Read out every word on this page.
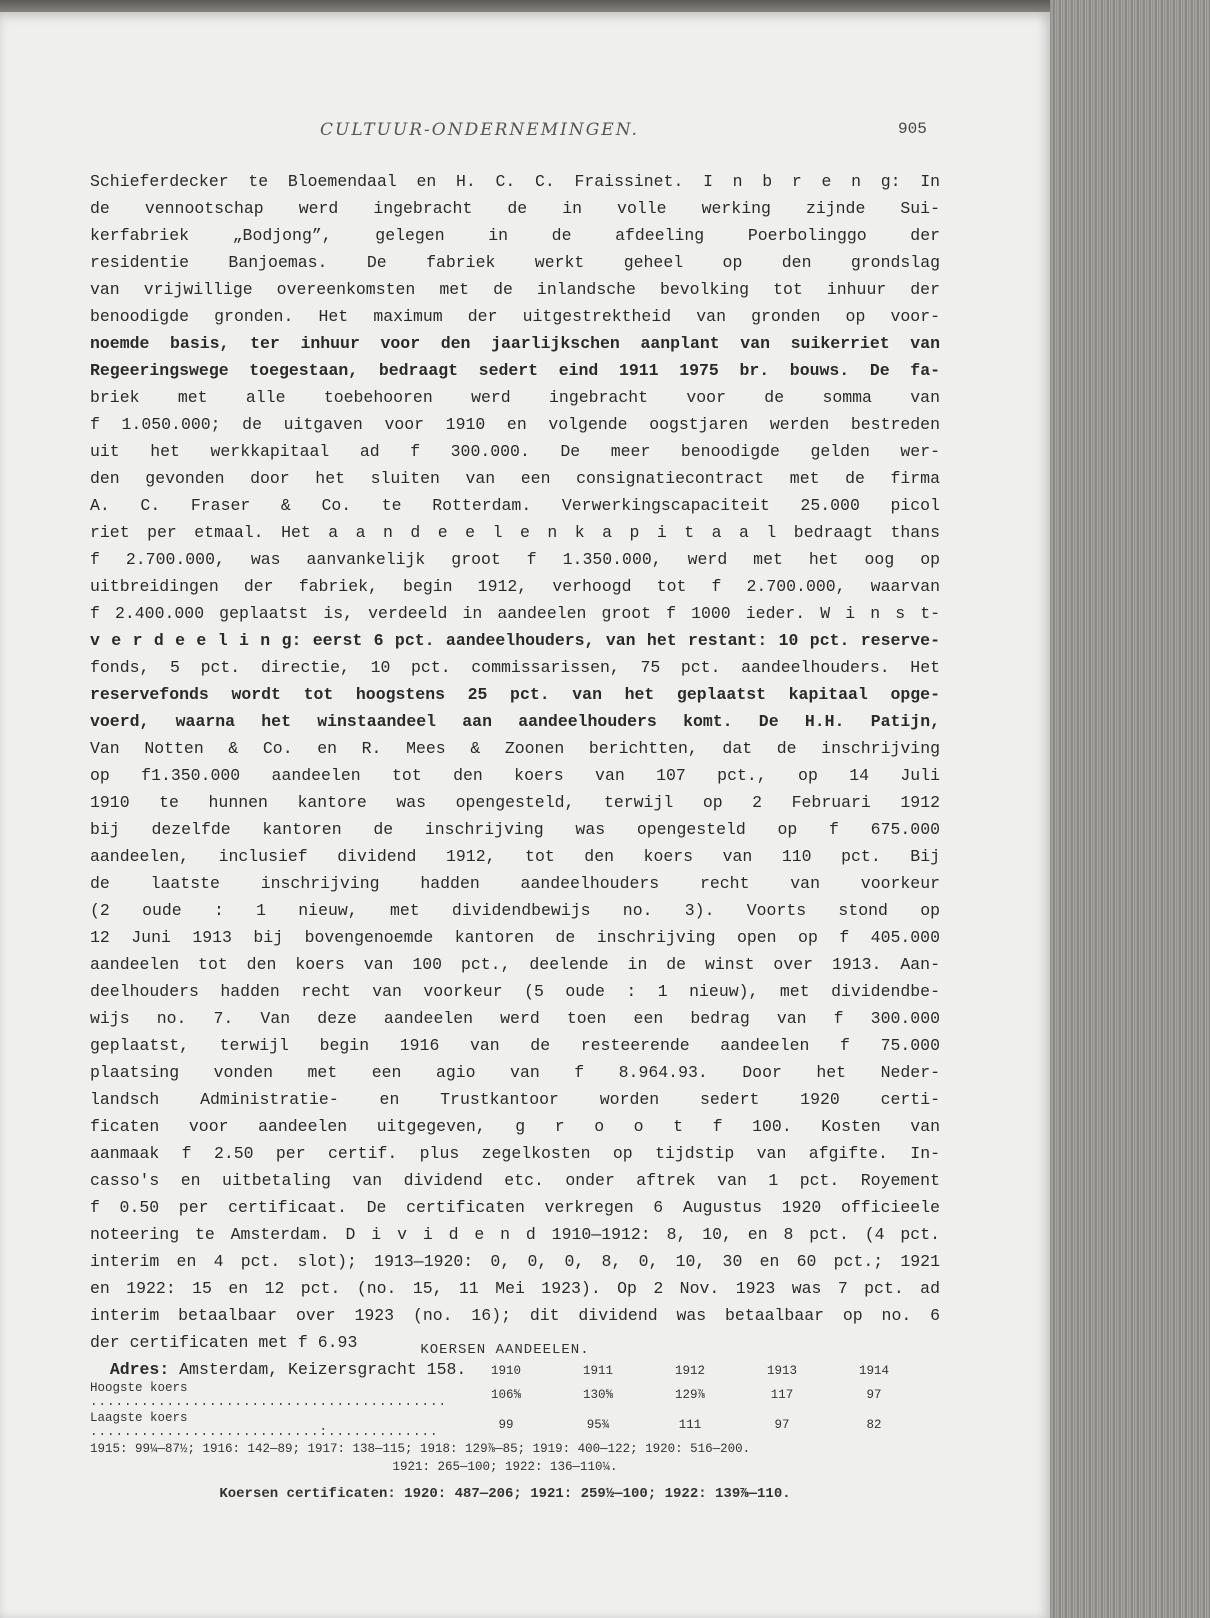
CULTUUR-ONDERNEMINGEN.	905
Schieferdecker te Bloemendaal en H. C. C. Fraissinet. I n b r e n g: In
de vennootschap werd ingebracht de in volle werking zijnde Sui-
kerfabriek „Bodjong”, gelegen in de afdeeling Poerbolinggo der
residentie Banjoemas. De fabriek werkt geheel op den grondslag
van vrijwillige overeenkomsten met de inlandsche bevolking tot inhuur der
benoodigde gronden. Het maximum der uitgestrektheid van gronden op voor-
noemde basis, ter inhuur voor den jaarlijkschen aanplant van suikerriet van
Regeeringswege toegestaan, bedraagt sedert eind 1911 1975 br. bouws. De fa-
briek met alle toebehooren werd ingebracht voor de somma van
f 1.050.000; de uitgaven voor 1910 en volgende oogstjaren werden bestreden
uit het werkkapitaal ad f 300.000. De meer benoodigde gelden wer-
den gevonden door het sluiten van een consignatiecontract met de firma
A. C. Fraser & Co. te Rotterdam. Verwerkingscapaciteit 25.000 picol
riet per etmaal. Het a a n d e e l e n k a p i t a a l bedraagt thans
f 2.700.000, was aanvankelijk groot f 1.350.000, werd met het oog op
uitbreidingen der fabriek, begin 1912, verhoogd tot f 2.700.000, waarvan
f 2.400.000 geplaatst is, verdeeld in aandeelen groot f 1000 ieder. W i n s t-
v e r d e e l i n g: eerst 6 pct. aandeelhouders, van het restant: 10 pct. reserve-
fonds, 5 pct. directie, 10 pct. commissarissen, 75 pct. aandeelhouders. Het
reservefonds wordt tot hoogstens 25 pct. van het geplaatst kapitaal opge-
voerd, waarna het winstaandeel aan aandeelhouders komt. De H.H. Patijn,
Van Notten & Co. en R. Mees & Zoonen berichtten, dat de inschrijving
op f1.350.000 aandeelen tot den koers van 107 pct., op 14 Juli
1910 te hunnen kantore was opengesteld, terwijl op 2 Februari 1912
bij dezelfde kantoren de inschrijving was opengesteld op f 675.000
aandeelen, inclusief dividend 1912, tot den koers van 110 pct. Bij
de laatste inschrijving hadden aandeelhouders recht van voorkeur
(2 oude : 1 nieuw, met dividendbewijs no. 3). Voorts stond op
12 Juni 1913 bij bovengenoemde kantoren de inschrijving open op f 405.000
aandeelen tot den koers van 100 pct., deelende in de winst over 1913. Aan-
deelhouders hadden recht van voorkeur (5 oude : 1 nieuw), met dividendbe-
wijs no. 7. Van deze aandeelen werd toen een bedrag van f 300.000
geplaatst, terwijl begin 1916 van de resteerende aandeelen f 75.000
plaatsing vonden met een agio van f 8.964.93. Door het Neder-
landsch Administratie- en Trustkantoor worden sedert 1920 certi-
ficaten voor aandeelen uitgegeven, g r o o t f 100. Kosten van
aanmaak f 2.50 per certif. plus zegelkosten op tijdstip van afgifte. In-
casso's en uitbetaling van dividend etc. onder aftrek van 1 pct. Royement
f 0.50 per certificaat. De certificaten verkregen 6 Augustus 1920 officieele
noteering te Amsterdam. D i v i d e n d 1910—1912: 8, 10, en 8 pct. (4 pct.
interim en 4 pct. slot); 1913—1920: 0, 0, 0, 8, 0, 10, 30 en 60 pct.; 1921
en 1922: 15 en 12 pct. (no. 15, 11 Mei 1923). Op 2 Nov. 1923 was 7 pct. ad
interim betaalbaar over 1923 (no. 16); dit dividend was betaalbaar op no. 6
der certificaten met f 6.93
Adres: Amsterdam, Keizersgracht 158.
KOERSEN AANDEELEN.
	1910	1911	1912	1913	1914
Hoogste koers ..........................................	106⅝	130⅝	129⅞	117	97
Laagste koers ...........................:.............	99	95¾	111	97	82
1915: 99¼—87½; 1916: 142—89; 1917: 138—115; 1918: 129⅞—85; 1919: 400—122; 1920: 516—200.
1921: 265—100; 1922: 136—110¼.
Koersen certificaten: 1920: 487—206; 1921: 259½—100; 1922: 139⅞—110.
